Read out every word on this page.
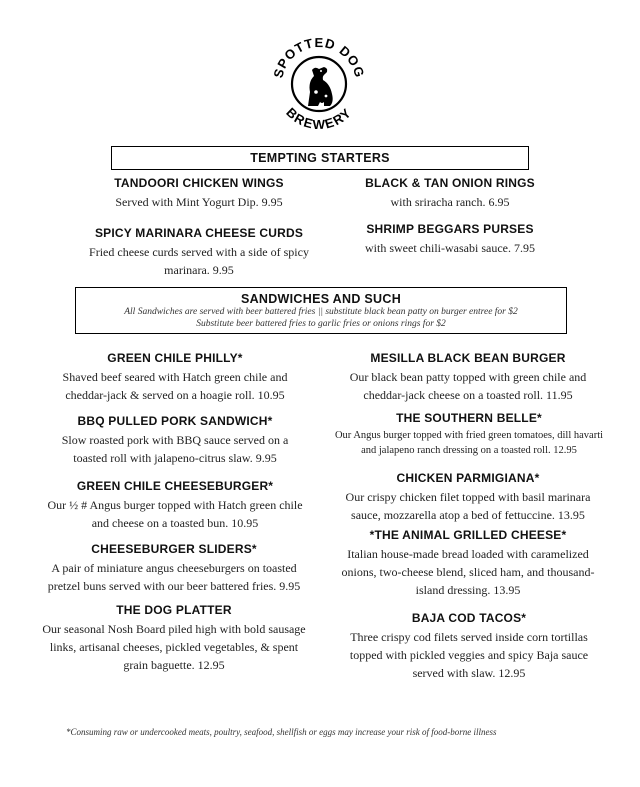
SPOTTED DOG
BREWERY
TEMPTING STARTERS
TANDOORI CHICKEN WINGS
Served with Mint Yogurt Dip. 9.95
SPICY MARINARA CHEESE CURDS
Fried cheese curds served with a side of spicy marinara. 9.95
BLACK & TAN ONION RINGS
with sriracha ranch. 6.95
SHRIMP BEGGARS PURSES
with sweet chili-wasabi sauce. 7.95
SANDWICHES AND SUCH
All Sandwiches are served with beer battered fries || substitute black bean patty on burger entree for $2
Substitute beer battered fries to garlic fries or onions rings for $2
GREEN CHILE PHILLY*
Shaved beef seared with Hatch green chile and cheddar-jack & served on a hoagie roll. 10.95
BBQ PULLED PORK SANDWICH*
Slow roasted pork with BBQ sauce served on a toasted roll with jalapeno-citrus slaw. 9.95
GREEN CHILE CHEESEBURGER*
Our ½ # Angus burger topped with Hatch green chile and cheese on a toasted bun. 10.95
CHEESEBURGER SLIDERS*
A pair of miniature angus cheeseburgers on toasted pretzel buns served with our beer battered fries. 9.95
THE DOG PLATTER
Our seasonal Nosh Board piled high with bold sausage links, artisanal cheeses, pickled vegetables, & spent grain baguette. 12.95
MESILLA BLACK BEAN BURGER
Our black bean patty topped with green chile and cheddar-jack cheese on a toasted roll. 11.95
THE SOUTHERN BELLE*
Our Angus burger topped with fried green tomatoes, dill havarti and jalapeno ranch dressing on a toasted roll. 12.95
CHICKEN PARMIGIANA*
Our crispy chicken filet topped with basil marinara sauce, mozzarella atop a bed of fettuccine. 13.95
*THE ANIMAL GRILLED CHEESE*
Italian house-made bread loaded with caramelized onions, two-cheese blend, sliced ham, and thousand-island dressing. 13.95
BAJA COD TACOS*
Three crispy cod filets served inside corn tortillas topped with pickled veggies and spicy Baja sauce served with slaw. 12.95
*Consuming raw or undercooked meats, poultry, seafood, shellfish or eggs may increase your risk of food-borne illness
